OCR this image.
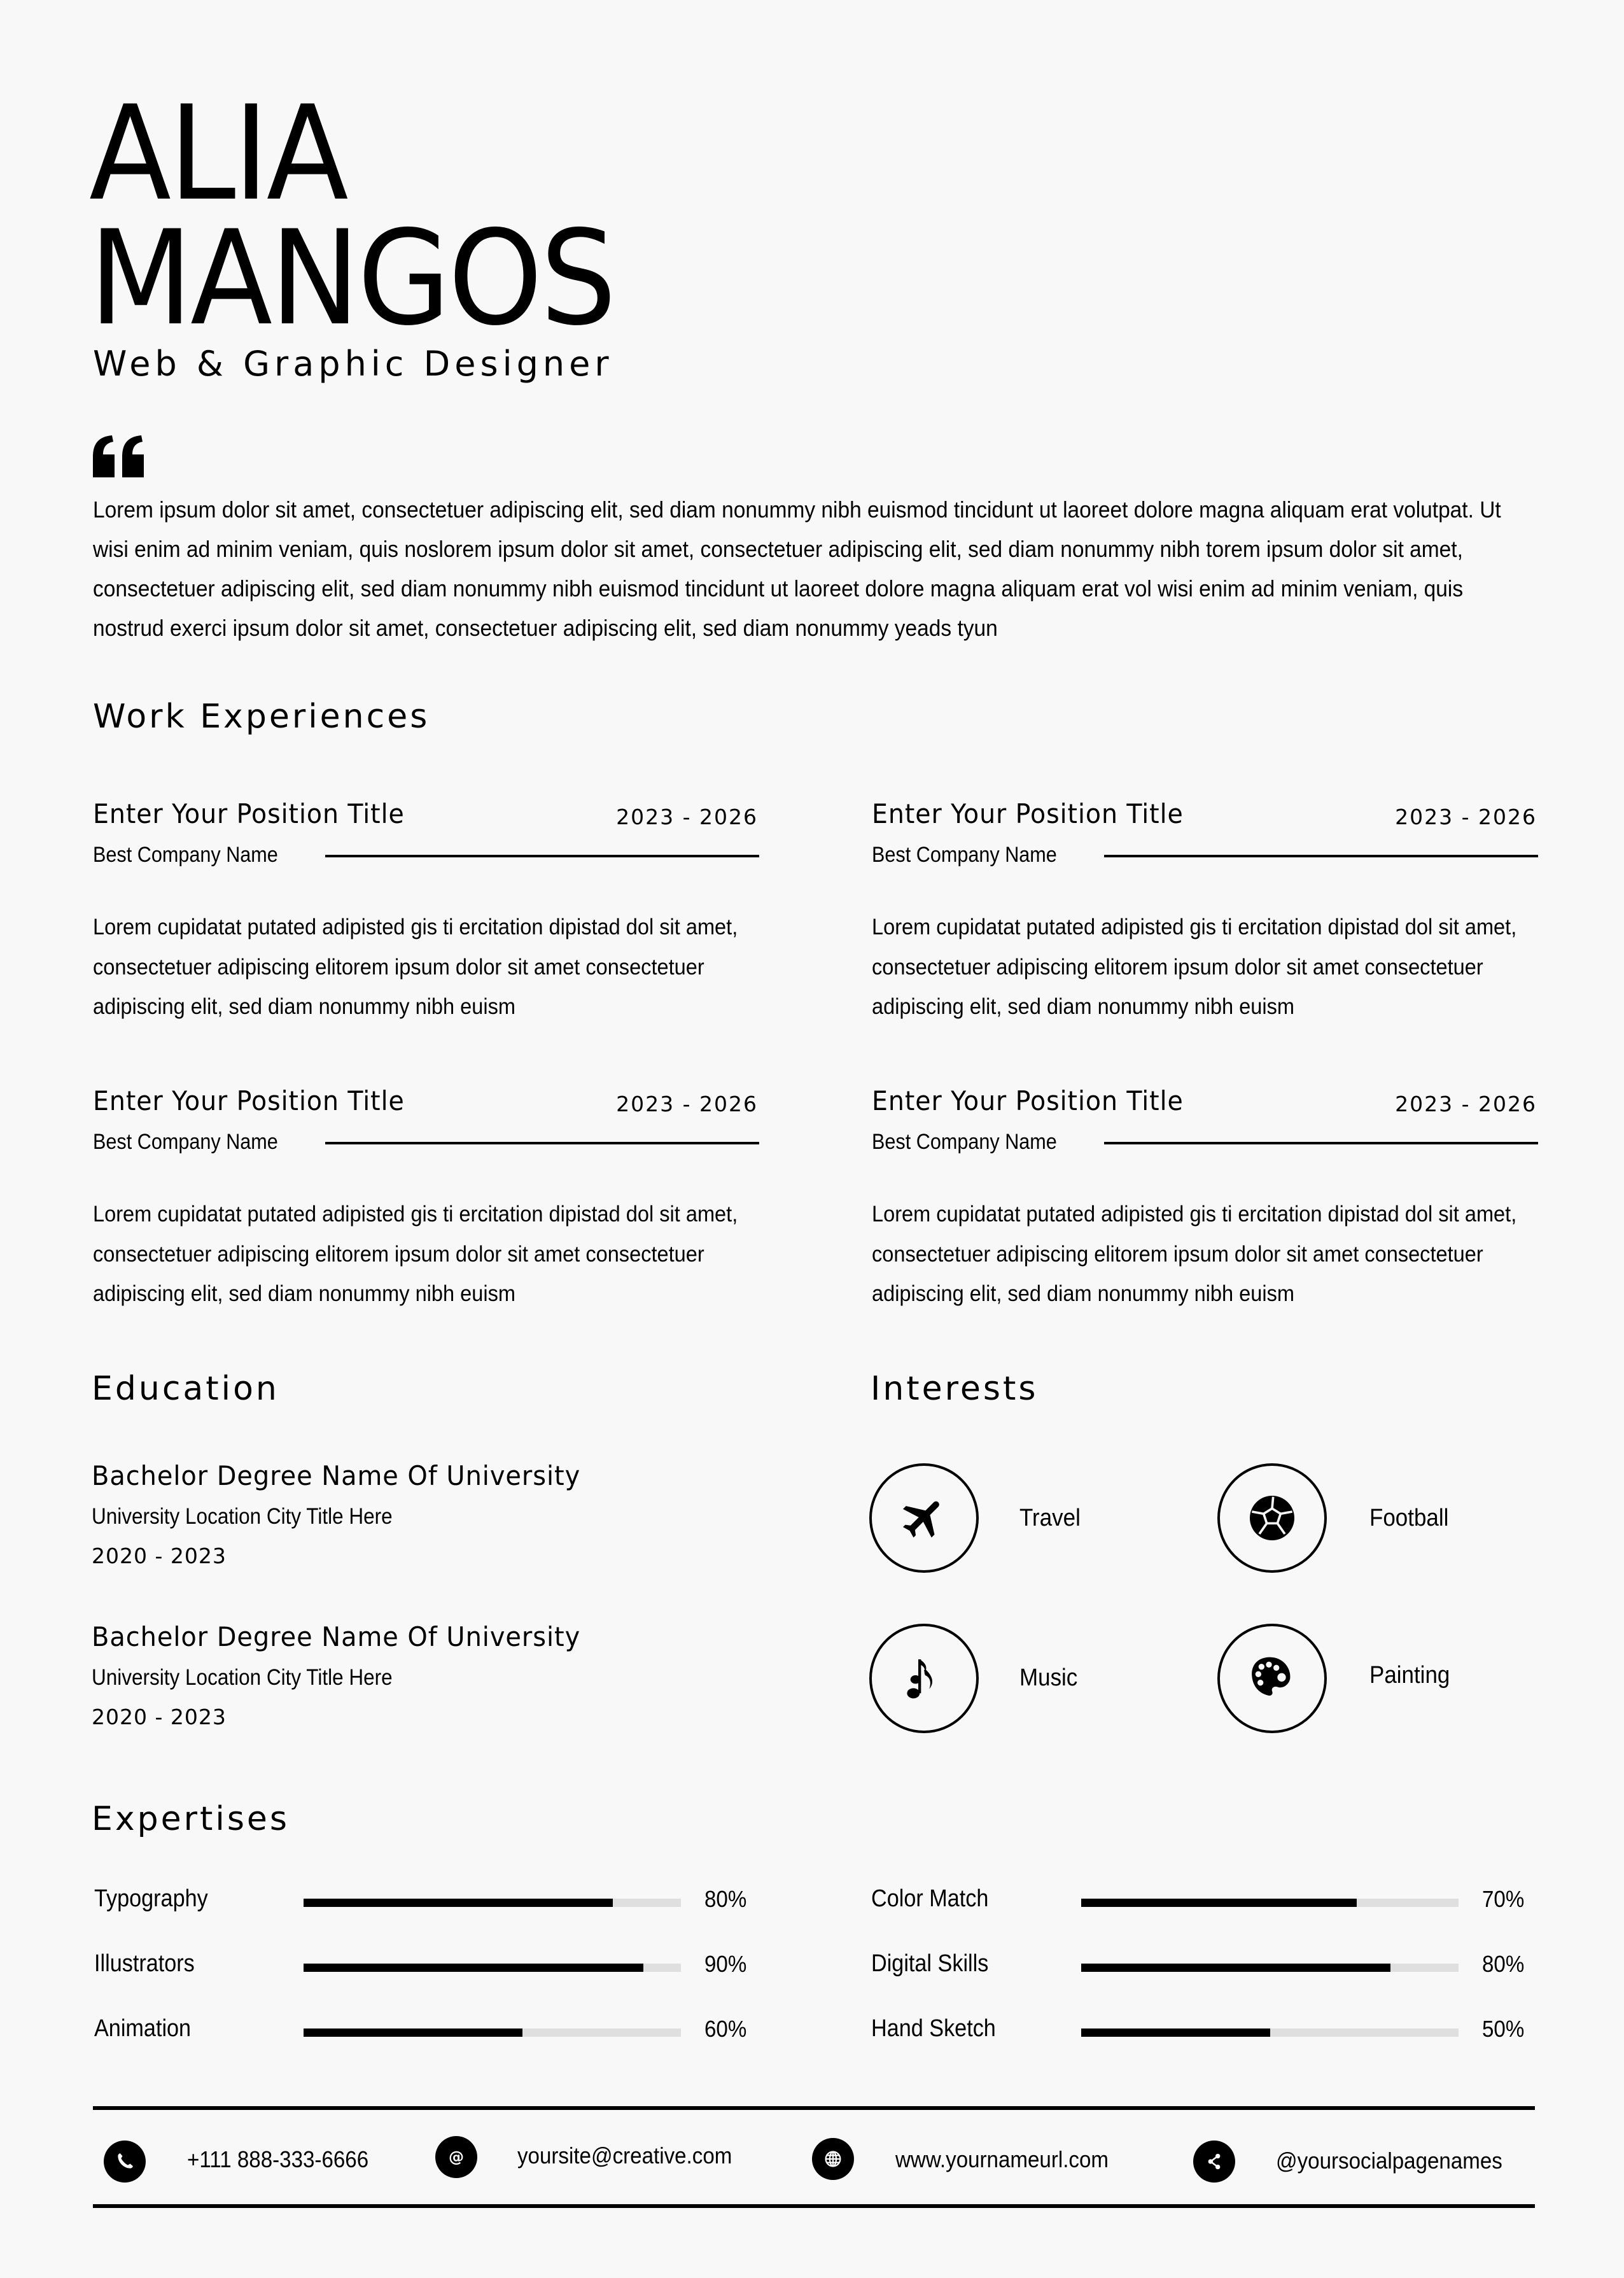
ALIA
MANGOS
Web & Graphic Designer
Lorem ipsum dolor sit amet, consectetuer adipiscing elit, sed diam nonummy nibh euismod tincidunt ut laoreet dolore magna aliquam erat volutpat. Ut wisi enim ad minim veniam, quis noslorem ipsum dolor sit amet, consectetuer adipiscing elit, sed diam nonummy nibh torem ipsum dolor sit amet, consectetuer adipiscing elit, sed diam nonummy nibh euismod tincidunt ut laoreet dolore magna aliquam erat vol wisi enim ad minim veniam, quis nostrud exerci ipsum dolor sit amet, consectetuer adipiscing elit, sed diam nonummy yeads tyun
Work Experiences
Enter Your Position Title	2023 - 2026
Best Company Name
Lorem cupidatat putated adipisted gis ti ercitation dipistad dol sit amet, consectetuer adipiscing elitorem ipsum dolor sit amet consectetuer adipiscing elit, sed diam nonummy nibh euism
Enter Your Position Title	2023 - 2026
Best Company Name
Lorem cupidatat putated adipisted gis ti ercitation dipistad dol sit amet, consectetuer adipiscing elitorem ipsum dolor sit amet consectetuer adipiscing elit, sed diam nonummy nibh euism
Enter Your Position Title	2023 - 2026
Best Company Name
Lorem cupidatat putated adipisted gis ti ercitation dipistad dol sit amet, consectetuer adipiscing elitorem ipsum dolor sit amet consectetuer adipiscing elit, sed diam nonummy nibh euism
Enter Your Position Title	2023 - 2026
Best Company Name
Lorem cupidatat putated adipisted gis ti ercitation dipistad dol sit amet, consectetuer adipiscing elitorem ipsum dolor sit amet consectetuer adipiscing elit, sed diam nonummy nibh euism
Education
Bachelor Degree Name Of University
University Location City Title Here
2020 - 2023
Bachelor Degree Name Of University
University Location City Title Here
2020 - 2023
Interests
Travel	Football
Music	Painting
Expertises
Typography	80%
Illustrators	90%
Animation	60%
Color Match	70%
Digital Skills	80%
Hand Sketch	50%
+111 888-333-6666	@ yoursite@creative.com	www.yournameurl.com	@yoursocialpagenames
